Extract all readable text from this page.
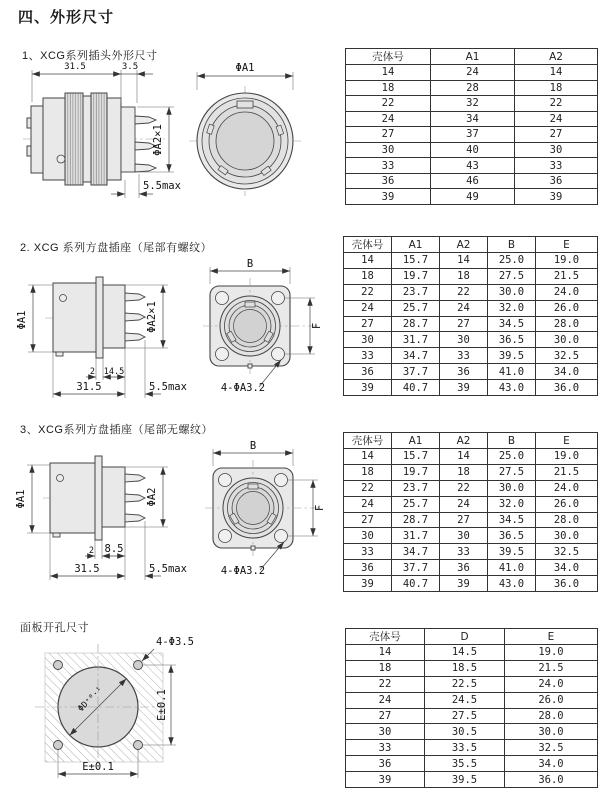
四、外形尺寸
1、XCG系列插头外形尺寸
31.5	3.5
ΦA2×1
5.5max
ΦA1
壳体号	A1	A2
14	24	14
18	28	18
22	32	22
24	34	24
27	37	27
30	40	30
33	43	33
36	46	36
39	49	39
2. XCG 系列方盘插座（尾部有螺纹）
ΦA1	ΦA2×1
2 14.5
31.5	5.5max
B
F
4-ΦA3.2
壳体号	A1	A2	B	E
14	15.7	14	25.0	19.0
18	19.7	18	27.5	21.5
22	23.7	22	30.0	24.0
24	25.7	24	32.0	26.0
27	28.7	27	34.5	28.0
30	31.7	30	36.5	30.0
33	34.7	33	39.5	32.5
36	37.7	36	41.0	34.0
39	40.7	39	43.0	36.0
3、XCG系列方盘插座（尾部无螺纹）
ΦA1	ΦA2
2 8.5
31.5	5.5max
B
F
4-ΦA3.2
壳体号	A1	A2	B	E
14	15.7	14	25.0	19.0
18	19.7	18	27.5	21.5
22	23.7	22	30.0	24.0
24	25.7	24	32.0	26.0
27	28.7	27	34.5	28.0
30	31.7	30	36.5	30.0
33	34.7	33	39.5	32.5
36	37.7	36	41.0	34.0
39	40.7	39	43.0	36.0
面板开孔尺寸
4-Φ3.5
ΦD⁺⁰·¹	E±0.1
E±0.1
壳体号	D	E
14	14.5	19.0
18	18.5	21.5
22	22.5	24.0
24	24.5	26.0
27	27.5	28.0
30	30.5	30.0
33	33.5	32.5
36	35.5	34.0
39	39.5	36.0
